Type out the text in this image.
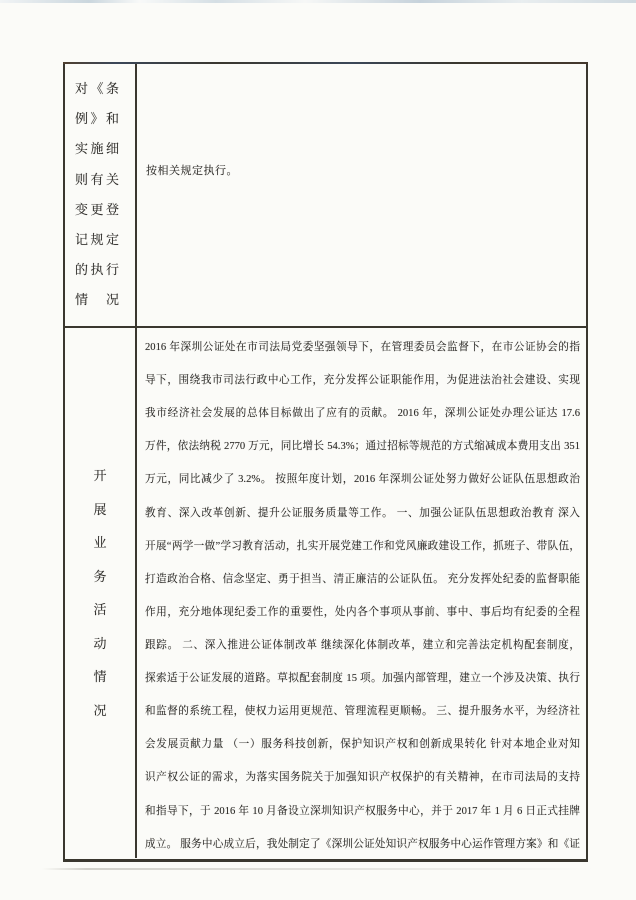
对《条
例》和
实施细
则有关
变更登
记规定
的执行
情　况
按相关规定执行。
开
展
业
务
活
动
情
况
2016 年深圳公证处在市司法局党委坚强领导下，在管理委员会监督下，在市公证协会的指
导下，围绕我市司法行政中心工作，充分发挥公证职能作用，为促进法治社会建设、实现
我市经济社会发展的总体目标做出了应有的贡献。 2016 年，深圳公证处办理公证达 17.6
万件，依法纳税 2770 万元，同比增长 54.3%；通过招标等规范的方式缩减成本费用支出 351
万元，同比减少了 3.2%。 按照年度计划，2016 年深圳公证处努力做好公证队伍思想政治
教育、深入改革创新、提升公证服务质量等工作。 一、加强公证队伍思想政治教育 深入
开展“两学一做”学习教育活动，扎实开展党建工作和党风廉政建设工作，抓班子、带队伍，
打造政治合格、信念坚定、勇于担当、清正廉洁的公证队伍。 充分发挥处纪委的监督职能
作用，充分地体现纪委工作的重要性，处内各个事项从事前、事中、事后均有纪委的全程
跟踪。 二、深入推进公证体制改革 继续深化体制改革，建立和完善法定机构配套制度，
探索适于公证发展的道路。草拟配套制度 15 项。加强内部管理，建立一个涉及决策、执行
和监督的系统工程，使权力运用更规范、管理流程更顺畅。 三、提升服务水平，为经济社
会发展贡献力量 （一）服务科技创新，保护知识产权和创新成果转化 针对本地企业对知
识产权公证的需求，为落实国务院关于加强知识产权保护的有关精神，在市司法局的支持
和指导下，于 2016 年 10 月备设立深圳知识产权服务中心，并于 2017 年 1 月 6 日正式挂牌
成立。 服务中心成立后，我处制定了《深圳公证处知识产权服务中心运作管理方案》和《证
